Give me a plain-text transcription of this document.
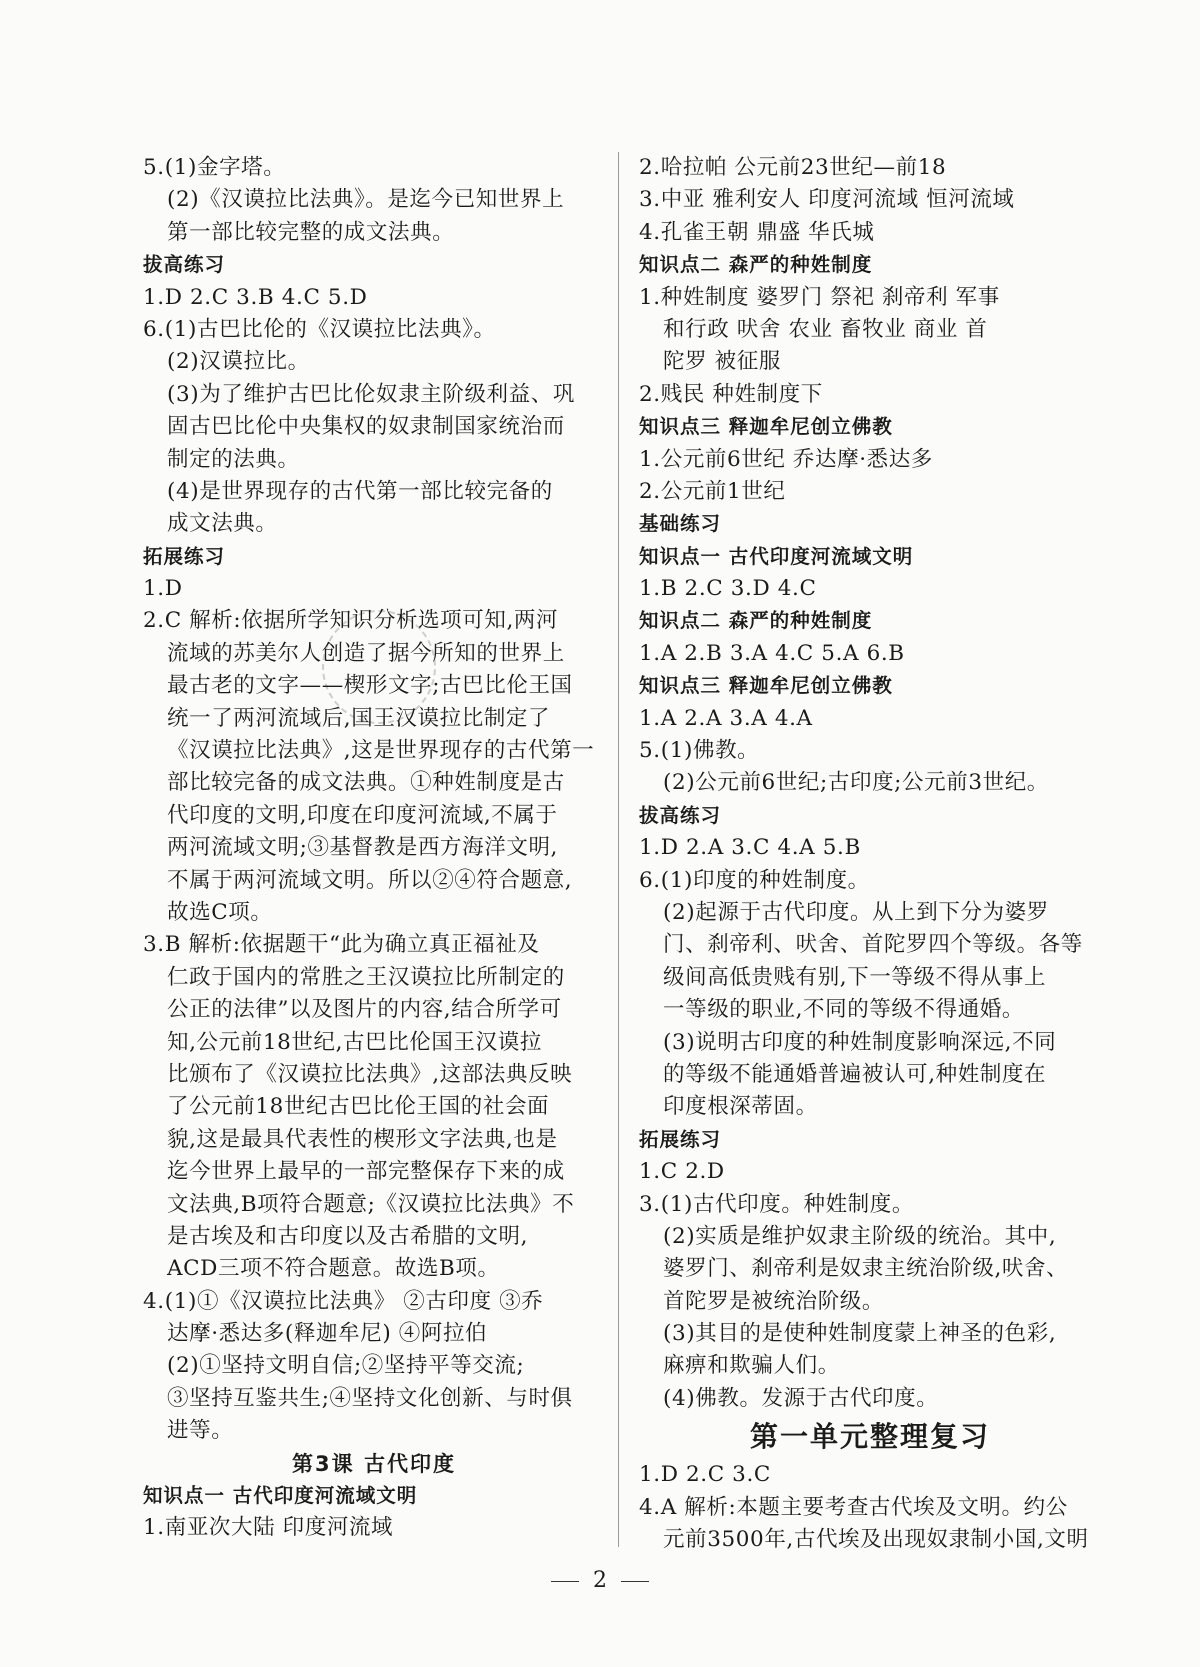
5.(1)金字塔。
(2)《汉谟拉比法典》。是迄今已知世界上
第一部比较完整的成文法典。
拔高练习
1.D 2.C 3.B 4.C 5.D
6.(1)古巴比伦的《汉谟拉比法典》。
(2)汉谟拉比。
(3)为了维护古巴比伦奴隶主阶级利益、巩
固古巴比伦中央集权的奴隶制国家统治而
制定的法典。
(4)是世界现存的古代第一部比较完备的
成文法典。
拓展练习
1.D
2.C 解析:依据所学知识分析选项可知,两河
流域的苏美尔人创造了据今所知的世界上
最古老的文字——楔形文字;古巴比伦王国
统一了两河流域后,国王汉谟拉比制定了
《汉谟拉比法典》,这是世界现存的古代第一
部比较完备的成文法典。①种姓制度是古
代印度的文明,印度在印度河流域,不属于
两河流域文明;③基督教是西方海洋文明,
不属于两河流域文明。所以②④符合题意,
故选C项。
3.B 解析:依据题干“此为确立真正福祉及
仁政于国内的常胜之王汉谟拉比所制定的
公正的法律”以及图片的内容,结合所学可
知,公元前18世纪,古巴比伦国王汉谟拉
比颁布了《汉谟拉比法典》,这部法典反映
了公元前18世纪古巴比伦王国的社会面
貌,这是最具代表性的楔形文字法典,也是
迄今世界上最早的一部完整保存下来的成
文法典,B项符合题意;《汉谟拉比法典》不
是古埃及和古印度以及古希腊的文明,
ACD三项不符合题意。故选B项。
4.(1)①《汉谟拉比法典》 ②古印度 ③乔
达摩·悉达多(释迦牟尼) ④阿拉伯
(2)①坚持文明自信;②坚持平等交流;
③坚持互鉴共生;④坚持文化创新、与时俱
进等。
第3课 古代印度
知识点一 古代印度河流域文明
1.南亚次大陆 印度河流域
2.哈拉帕 公元前23世纪—前18
3.中亚 雅利安人 印度河流域 恒河流域
4.孔雀王朝 鼎盛 华氏城
知识点二 森严的种姓制度
1.种姓制度 婆罗门 祭祀 刹帝利 军事
和行政 吠舍 农业 畜牧业 商业 首
陀罗 被征服
2.贱民 种姓制度下
知识点三 释迦牟尼创立佛教
1.公元前6世纪 乔达摩·悉达多
2.公元前1世纪
基础练习
知识点一 古代印度河流域文明
1.B 2.C 3.D 4.C
知识点二 森严的种姓制度
1.A 2.B 3.A 4.C 5.A 6.B
知识点三 释迦牟尼创立佛教
1.A 2.A 3.A 4.A
5.(1)佛教。
(2)公元前6世纪;古印度;公元前3世纪。
拔高练习
1.D 2.A 3.C 4.A 5.B
6.(1)印度的种姓制度。
(2)起源于古代印度。从上到下分为婆罗
门、刹帝利、吠舍、首陀罗四个等级。各等
级间高低贵贱有别,下一等级不得从事上
一等级的职业,不同的等级不得通婚。
(3)说明古印度的种姓制度影响深远,不同
的等级不能通婚普遍被认可,种姓制度在
印度根深蒂固。
拓展练习
1.C 2.D
3.(1)古代印度。种姓制度。
(2)实质是维护奴隶主阶级的统治。其中,
婆罗门、刹帝利是奴隶主统治阶级,吠舍、
首陀罗是被统治阶级。
(3)其目的是使种姓制度蒙上神圣的色彩,
麻痹和欺骗人们。
(4)佛教。发源于古代印度。
第一单元整理复习
1.D 2.C 3.C
4.A 解析:本题主要考查古代埃及文明。约公
元前3500年,古代埃及出现奴隶制小国,文明
2
